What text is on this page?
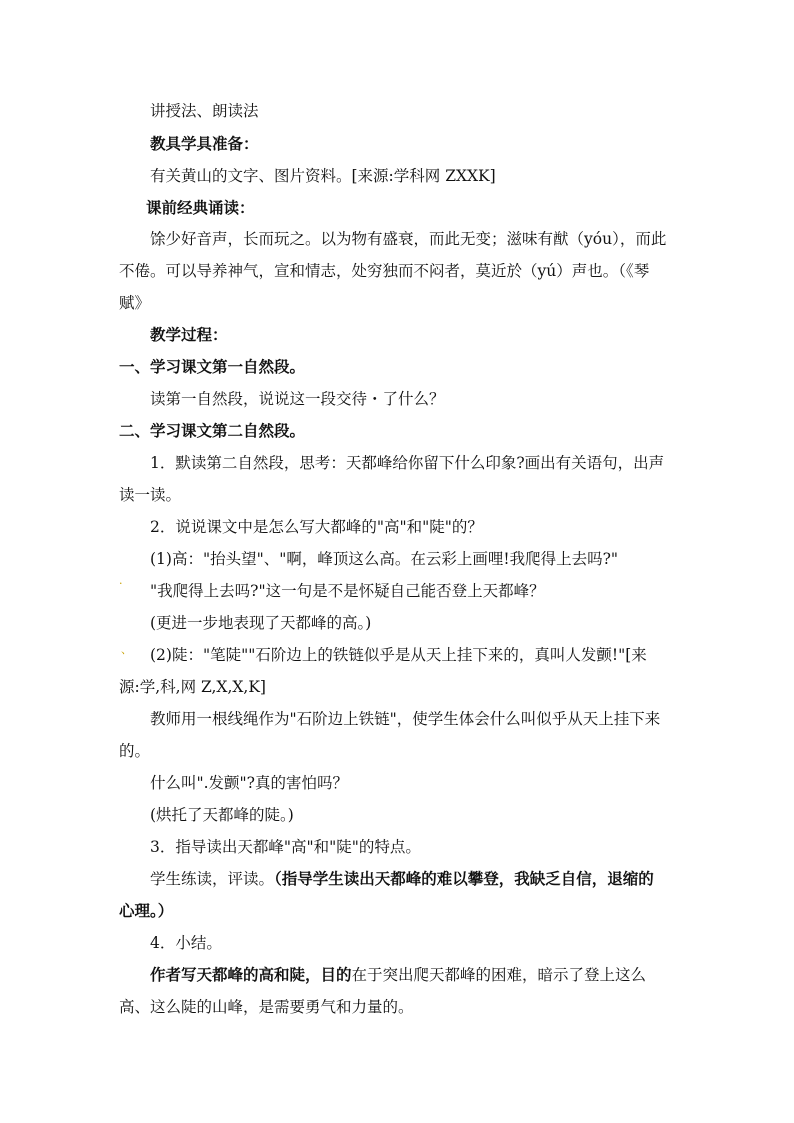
讲授法、朗读法
教具学具准备：
有关黄山的文字、图片资料。[来源:学科网 ZXXK]
课前经典诵读：
馀少好音声，长而玩之。以为物有盛衰，而此无变；滋味有猷（yóu），而此
不倦。可以导养神气，宣和情志，处穷独而不闷者，莫近於（yú）声也。（《琴
赋》
教学过程：
一、学习课文第一自然段。
读第一自然段，说说这一段交待・了什么？
二、学习课文第二自然段。
1．默读第二自然段，思考：天都峰给你留下什么印象?画出有关语句，出声
读一读。
2．说说课文中是怎么写大都峰的"高"和"陡"的？
(1)高："抬头望"、"啊，峰顶这么高。在云彩上画哩!我爬得上去吗?"
.
"我爬得上去吗?"这一句是不是怀疑自己能否登上天都峰？
(更进一步地表现了天都峰的高。)
、 (2)陡："笔陡""石阶边上的铁链似乎是从天上挂下来的，真叫人发颤!"[来
源:学,科,网 Z,X,X,K]
教师用一根线绳作为"石阶边上铁链"，使学生体会什么叫似乎从天上挂下来
的。
什么叫".发颤"?真的害怕吗？
(烘托了天都峰的陡。)
3．指导读出天都峰"高"和"陡"的特点。
学生练读，评读。（指导学生读出天都峰的难以攀登，我缺乏自信，退缩的
心理。）
4．小结。
作者写天都峰的高和陡，目的在于突出爬天都峰的困难，暗示了登上这么
高、这么陡的山峰，是需要勇气和力量的。
